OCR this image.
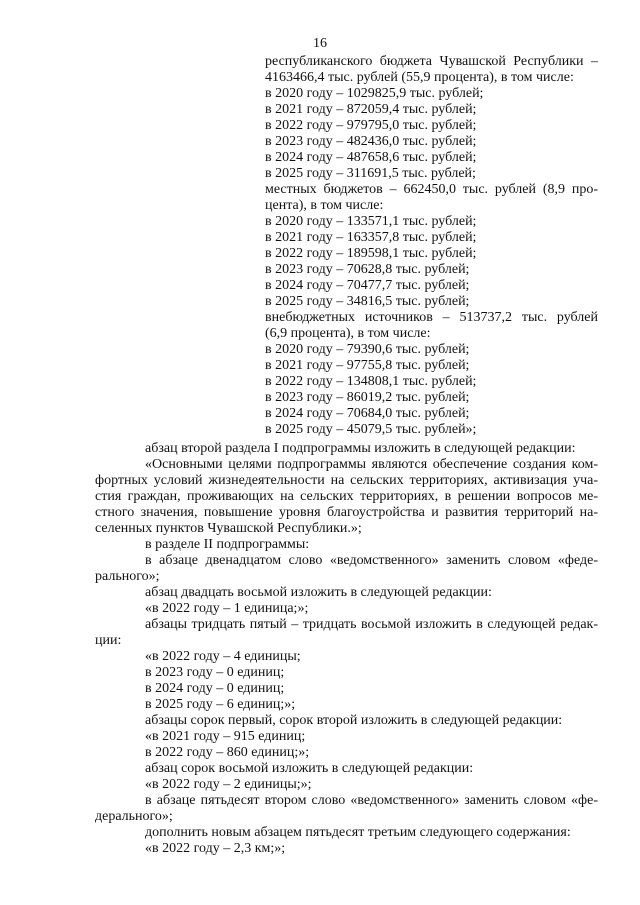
16
республиканского бюджета Чувашской Республики –
4163466,4 тыс. рублей (55,9 процента), в том числе:
в 2020 году – 1029825,9 тыс. рублей;
в 2021 году – 872059,4 тыс. рублей;
в 2022 году – 979795,0 тыс. рублей;
в 2023 году – 482436,0 тыс. рублей;
в 2024 году – 487658,6 тыс. рублей;
в 2025 году – 311691,5 тыс. рублей;
местных бюджетов – 662450,0 тыс. рублей (8,9 про-
цента), в том числе:
в 2020 году – 133571,1 тыс. рублей;
в 2021 году – 163357,8 тыс. рублей;
в 2022 году – 189598,1 тыс. рублей;
в 2023 году – 70628,8 тыс. рублей;
в 2024 году – 70477,7 тыс. рублей;
в 2025 году – 34816,5 тыс. рублей;
внебюджетных источников – 513737,2 тыс. рублей
(6,9 процента), в том числе:
в 2020 году – 79390,6 тыс. рублей;
в 2021 году – 97755,8 тыс. рублей;
в 2022 году – 134808,1 тыс. рублей;
в 2023 году – 86019,2 тыс. рублей;
в 2024 году – 70684,0 тыс. рублей;
в 2025 году – 45079,5 тыс. рублей»;
абзац второй раздела I подпрограммы изложить в следующей редакции:
«Основными целями подпрограммы являются обеспечение создания ком-
фортных условий жизнедеятельности на сельских территориях, активизация уча-
стия граждан, проживающих на сельских территориях, в решении вопросов ме-
стного значения, повышение уровня благоустройства и развития территорий на-
селенных пунктов Чувашской Республики.»;
в разделе II подпрограммы:
в абзаце двенадцатом слово «ведомственного» заменить словом «феде-
рального»;
абзац двадцать восьмой изложить в следующей редакции:
«в 2022 году – 1 единица;»;
абзацы тридцать пятый – тридцать восьмой изложить в следующей редак-
ции:
«в 2022 году – 4 единицы;
в 2023 году – 0 единиц;
в 2024 году – 0 единиц;
в 2025 году – 6 единиц;»;
абзацы сорок первый, сорок второй изложить в следующей редакции:
«в 2021 году – 915 единиц;
в 2022 году – 860 единиц;»;
абзац сорок восьмой изложить в следующей редакции:
«в 2022 году – 2 единицы;»;
в абзаце пятьдесят втором слово «ведомственного» заменить словом «фе-
дерального»;
дополнить новым абзацем пятьдесят третьим следующего содержания:
«в 2022 году – 2,3 км;»;
